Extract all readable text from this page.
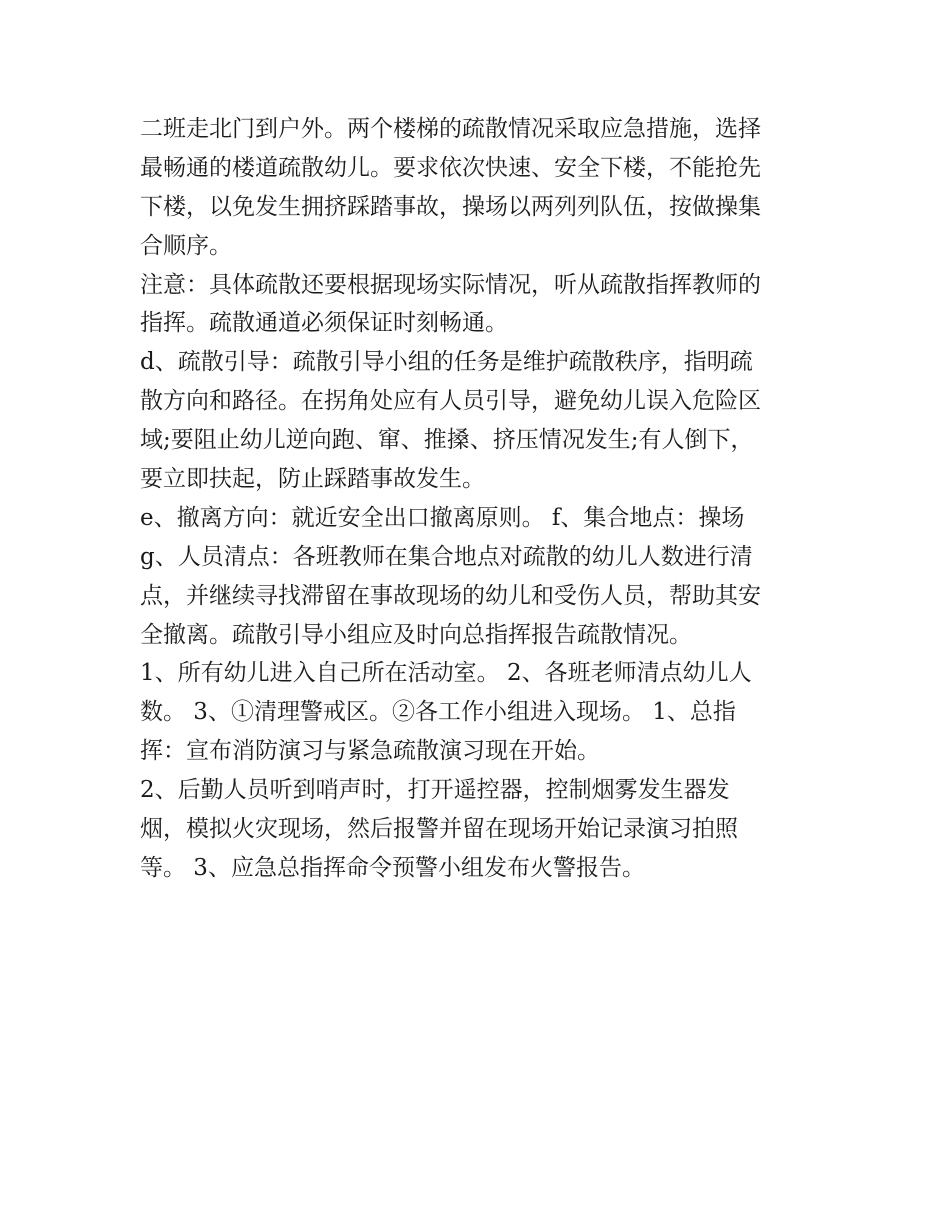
二班走北门到户外。两个楼梯的疏散情况采取应急措施，选择
最畅通的楼道疏散幼儿。要求依次快速、安全下楼，不能抢先
下楼，以免发生拥挤踩踏事故，操场以两列列队伍，按做操集
合顺序。

注意：具体疏散还要根据现场实际情况，听从疏散指挥教师的
指挥。疏散通道必须保证时刻畅通。

d、疏散引导：疏散引导小组的任务是维护疏散秩序，指明疏
散方向和路径。在拐角处应有人员引导，避免幼儿误入危险区
域;要阻止幼儿逆向跑、窜、推搡、挤压情况发生;有人倒下，
要立即扶起，防止踩踏事故发生。

e、撤离方向：就近安全出口撤离原则。 f、集合地点：操场

g、人员清点：各班教师在集合地点对疏散的幼儿人数进行清
点，并继续寻找滞留在事故现场的幼儿和受伤人员，帮助其安
全撤离。疏散引导小组应及时向总指挥报告疏散情况。

1、所有幼儿进入自己所在活动室。 2、各班老师清点幼儿人
数。 3、①清理警戒区。②各工作小组进入现场。 1、总指
挥：宣布消防演习与紧急疏散演习现在开始。

2、后勤人员听到哨声时，打开遥控器，控制烟雾发生器发
烟，模拟火灾现场，然后报警并留在现场开始记录演习拍照
等。 3、应急总指挥命令预警小组发布火警报告。
